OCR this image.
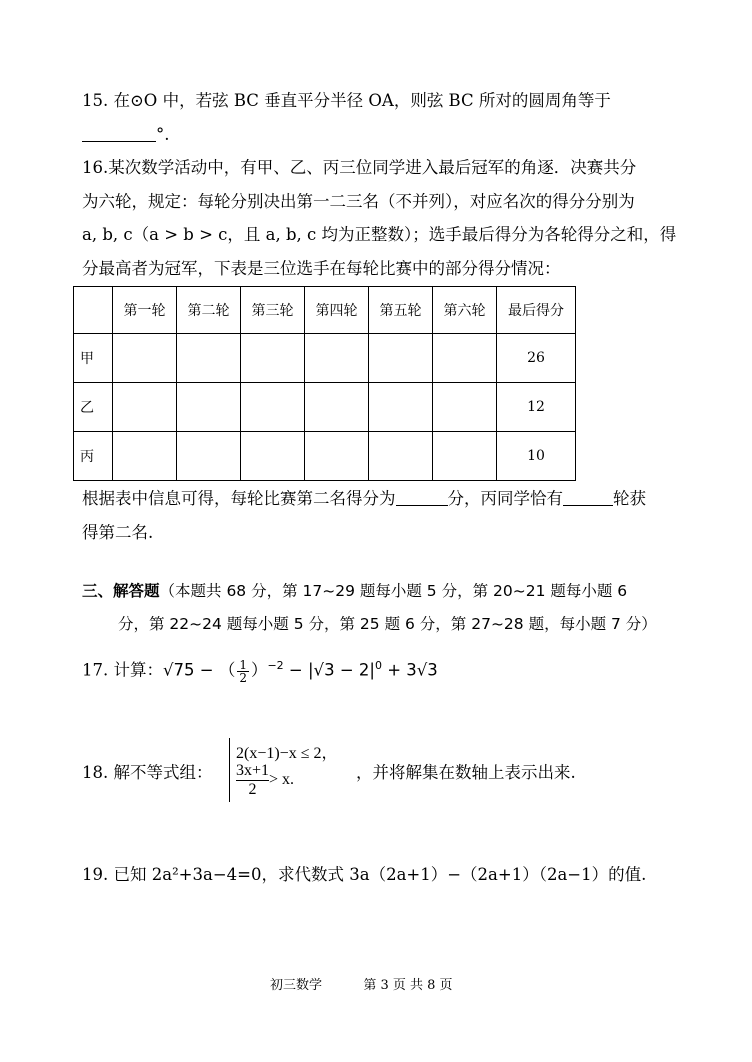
15. 在⊙O 中，若弦 BC 垂直平分半径 OA，则弦 BC 所对的圆周角等于
°.
16.某次数学活动中，有甲、乙、丙三位同学进入最后冠军的角逐．决赛共分
为六轮，规定：每轮分别决出第一二三名（不并列），对应名次的得分分别为
a, b, c（a > b > c，且 a, b, c 均为正整数）；选手最后得分为各轮得分之和，得
分最高者为冠军，下表是三位选手在每轮比赛中的部分得分情况：
	第一轮	第二轮	第三轮	第四轮	第五轮	第六轮	最后得分
甲							26
乙							12
丙							10
根据表中信息可得，每轮比赛第二名得分为	分，丙同学恰有	轮获
得第二名.
三、解答题（本题共 68 分，第 17~29 题每小题 5 分，第 20~21 题每小题 6
分，第 22~24 题每小题 5 分，第 25 题 6 分，第 27~28 题，每小题 7 分）
17. 计算：√75 − （ $\frac{1}{2} )^{-2} - |√3 - 2|^0 + 3√3$
18. 解不等式组：
2(x−1)−x ≤ 2，
$\frac{3x+1}{2} > x$.	，并将解集在数轴上表示出来.
19. 已知 2a²+3a−4=0，求代数式 3a（2a+1）−（2a+1）（2a−1）的值.
初三数学          第 3 页 共 8 页
